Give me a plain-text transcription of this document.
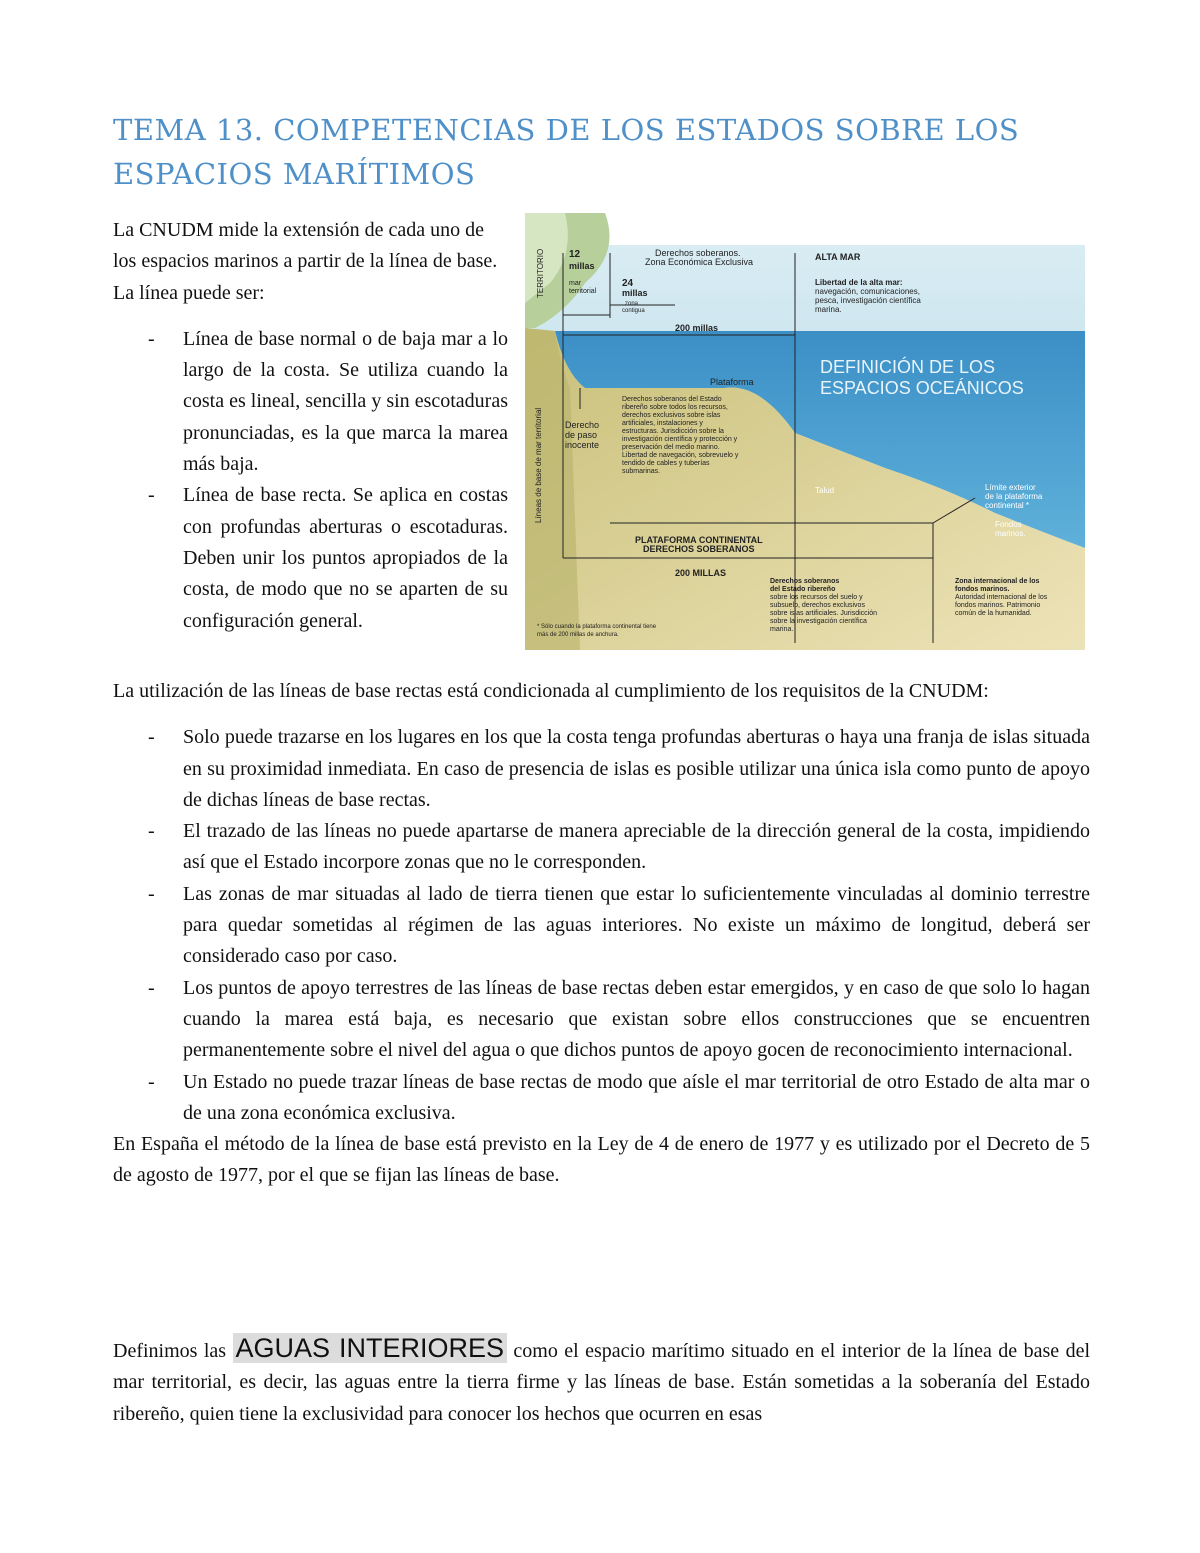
TEMA 13. COMPETENCIAS DE LOS ESTADOS SOBRE LOS ESPACIOS MARÍTIMOS

La CNUDM mide la extensión de cada uno de los espacios marinos a partir de la línea de base. La línea puede ser:

- Línea de base normal o de baja mar a lo largo de la costa. Se utiliza cuando la costa es lineal, sencilla y sin escotaduras pronunciadas, es la que marca la marea más baja.
- Línea de base recta. Se aplica en costas con profundas aberturas o escotaduras. Deben unir los puntos apropiados de la costa, de modo que no se aparten de su configuración general.
TERRITORIO 12
millas
mar
territorial
24
millas
zona
contigua
Derechos soberanos.
Zona Económica Exclusiva	ALTA MAR
Libertad de la alta mar:
navegación, comunicaciones,
pesca, investigación científica
marina.
200 millas
DEFINICIÓN DE LOS
ESPACIOS OCEÁNICOS
Plataforma
Derecho
de paso
inocente
Líneas de base de mar territorial
Derechos soberanos del Estado
ribereño sobre todos los recursos,
derechos exclusivos sobre islas
artificiales, instalaciones y
estructuras. Jurisdicción sobre la
investigación científica y protección y
preservación del medio marino.
Libertad de navegación, sobrevuelo y
tendido de cables y tuberías
submarinas.
Talud	Límite exterior
de la plataforma
continental *
Fondos
marinos.
PLATAFORMA CONTINENTAL
DERECHOS SOBERANOS
200 MILLAS
Derechos soberanos
del Estado ribereño
sobre los recursos del suelo y
subsuelo, derechos exclusivos
sobre islas artificiales. Jurisdicción
sobre la investigación científica
marina.
Zona internacional de los
fondos marinos.
Autoridad internacional de los
fondos marinos. Patrimonio
común de la humanidad.
* Sólo cuando la plataforma continental tiene
más de 200 millas de anchura.

La utilización de las líneas de base rectas está condicionada al cumplimiento de los requisitos de la CNUDM:

- Solo puede trazarse en los lugares en los que la costa tenga profundas aberturas o haya una franja de islas situada en su proximidad inmediata. En caso de presencia de islas es posible utilizar una única isla como punto de apoyo de dichas líneas de base rectas.
- El trazado de las líneas no puede apartarse de manera apreciable de la dirección general de la costa, impidiendo así que el Estado incorpore zonas que no le corresponden.
- Las zonas de mar situadas al lado de tierra tienen que estar lo suficientemente vinculadas al dominio terrestre para quedar sometidas al régimen de las aguas interiores. No existe un máximo de longitud, deberá ser considerado caso por caso.
- Los puntos de apoyo terrestres de las líneas de base rectas deben estar emergidos, y en caso de que solo lo hagan cuando la marea está baja, es necesario que existan sobre ellos construcciones que se encuentren permanentemente sobre el nivel del agua o que dichos puntos de apoyo gocen de reconocimiento internacional.
- Un Estado no puede trazar líneas de base rectas de modo que aísle el mar territorial de otro Estado de alta mar o de una zona económica exclusiva.

En España el método de la línea de base está previsto en la Ley de 4 de enero de 1977 y es utilizado por el Decreto de 5 de agosto de 1977, por el que se fijan las líneas de base.

Definimos las AGUAS INTERIORES como el espacio marítimo situado en el interior de la línea de base del mar territorial, es decir, las aguas entre la tierra firme y las líneas de base. Están sometidas a la soberanía del Estado ribereño, quien tiene la exclusividad para conocer los hechos que ocurren en esas
